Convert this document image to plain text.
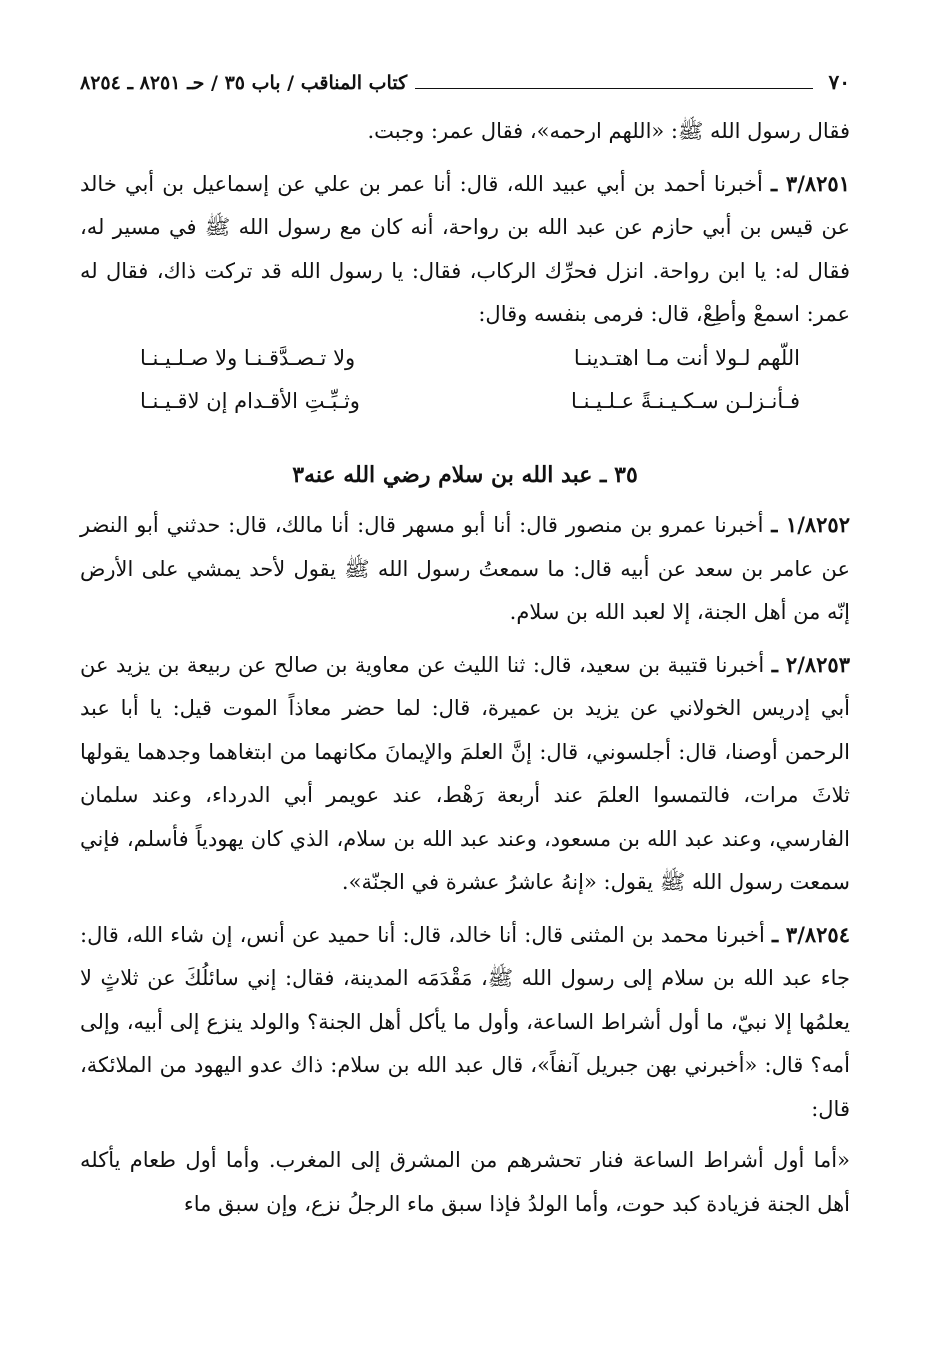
٧٠
كتاب المناقب / باب ٣٥ / حـ ٨٢٥١ ـ ٨٢٥٤

فقال رسول الله ﷺ: «اللهم ارحمه»، فقال عمر: وجبت.

٣/٨٢٥١ ـ أخبرنا أحمد بن أبي عبيد الله، قال: أنا عمر بن علي عن إسماعيل بن أبي خالد عن قيس بن أبي حازم عن عبد الله بن رواحة، أنه كان مع رسول الله ﷺ في مسير له، فقال له: يا ابن رواحة. انزل فحرِّك الركاب، فقال: يا رسول الله قد تركت ذاك، فقال له عمر: اسمعْ وأطِعْ، قال: فرمى بنفسه وقال:

اللّهم لـولا أنت مـا اهتـدينـا
ولا تـصـدَّقـنـا ولا صـلـيـنـا
فـأنـزلـن سـكـيـنـةً عـلـيـنـا
وثـبِّـتِ الأقـدام إن لاقـيـنـا
٣٥ ـ عبد الله بن سلام رضي الله عنه٣

١/٨٢٥٢ ـ أخبرنا عمرو بن منصور قال: أنا أبو مسهر قال: أنا مالك، قال: حدثني أبو النضر عن عامر بن سعد عن أبيه قال: ما سمعتُ رسول الله ﷺ يقول لأحد يمشي على الأرض إنّه من أهل الجنة، إلا لعبد الله بن سلام.

٢/٨٢٥٣ ـ أخبرنا قتيبة بن سعيد، قال: ثنا الليث عن معاوية بن صالح عن ربيعة بن يزيد عن أبي إدريس الخولاني عن يزيد بن عميرة، قال: لما حضر معاذاً الموت قيل: يا أبا عبد الرحمن أوصنا، قال: أجلسوني، قال: إنَّ العلمَ والإيمانَ مكانهما من ابتغاهما وجدهما يقولها ثلاثَ مرات، فالتمسوا العلمَ عند أربعة رَهْط، عند عويمر أبي الدرداء، وعند سلمان الفارسي، وعند عبد الله بن مسعود، وعند عبد الله بن سلام، الذي كان يهودياً فأسلم، فإني سمعت رسول الله ﷺ يقول: «إنهُ عاشرُ عشرة في الجنّة».

٣/٨٢٥٤ ـ أخبرنا محمد بن المثنى قال: أنا خالد، قال: أنا حميد عن أنس، إن شاء الله، قال: جاء عبد الله بن سلام إلى رسول الله ﷺ، مَقْدَمَه المدينة، فقال: إني سائلُكَ عن ثلاثٍ لا يعلمُها إلا نبيّ، ما أول أشراط الساعة، وأول ما يأكل أهل الجنة؟ والولد ينزع إلى أبيه، وإلى أمه؟ قال: «أخبرني بهن جبريل آنفاً»، قال عبد الله بن سلام: ذاك عدو اليهود من الملائكة، قال:

«أما أول أشراط الساعة فنار تحشرهم من المشرق إلى المغرب. وأما أول طعام يأكله أهل الجنة فزيادة كبد حوت، وأما الولدُ فإذا سبق ماء الرجلُ نزع، وإن سبق ماء
